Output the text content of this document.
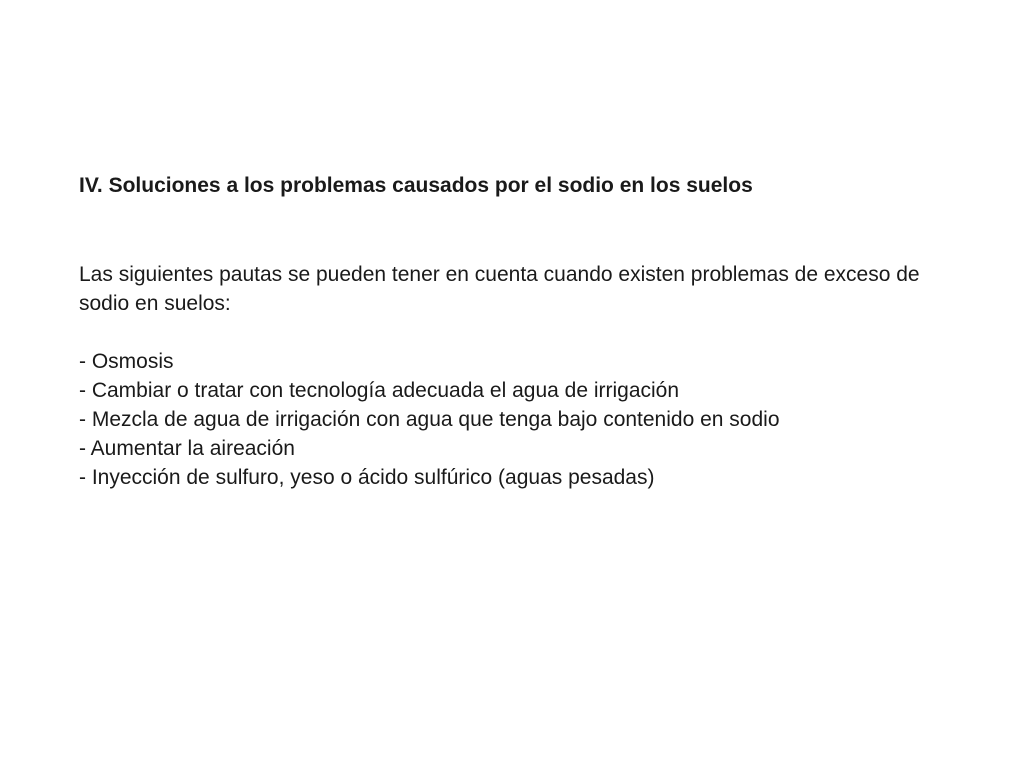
IV. Soluciones a los problemas causados por el sodio en los suelos

Las siguientes pautas se pueden tener en cuenta cuando existen problemas de exceso de sodio en suelos:

- Osmosis
- Cambiar o tratar con tecnología adecuada el agua de irrigación
- Mezcla de agua de irrigación con agua que tenga bajo contenido en sodio
- Aumentar la aireación
- Inyección de sulfuro, yeso o ácido sulfúrico (aguas pesadas)
